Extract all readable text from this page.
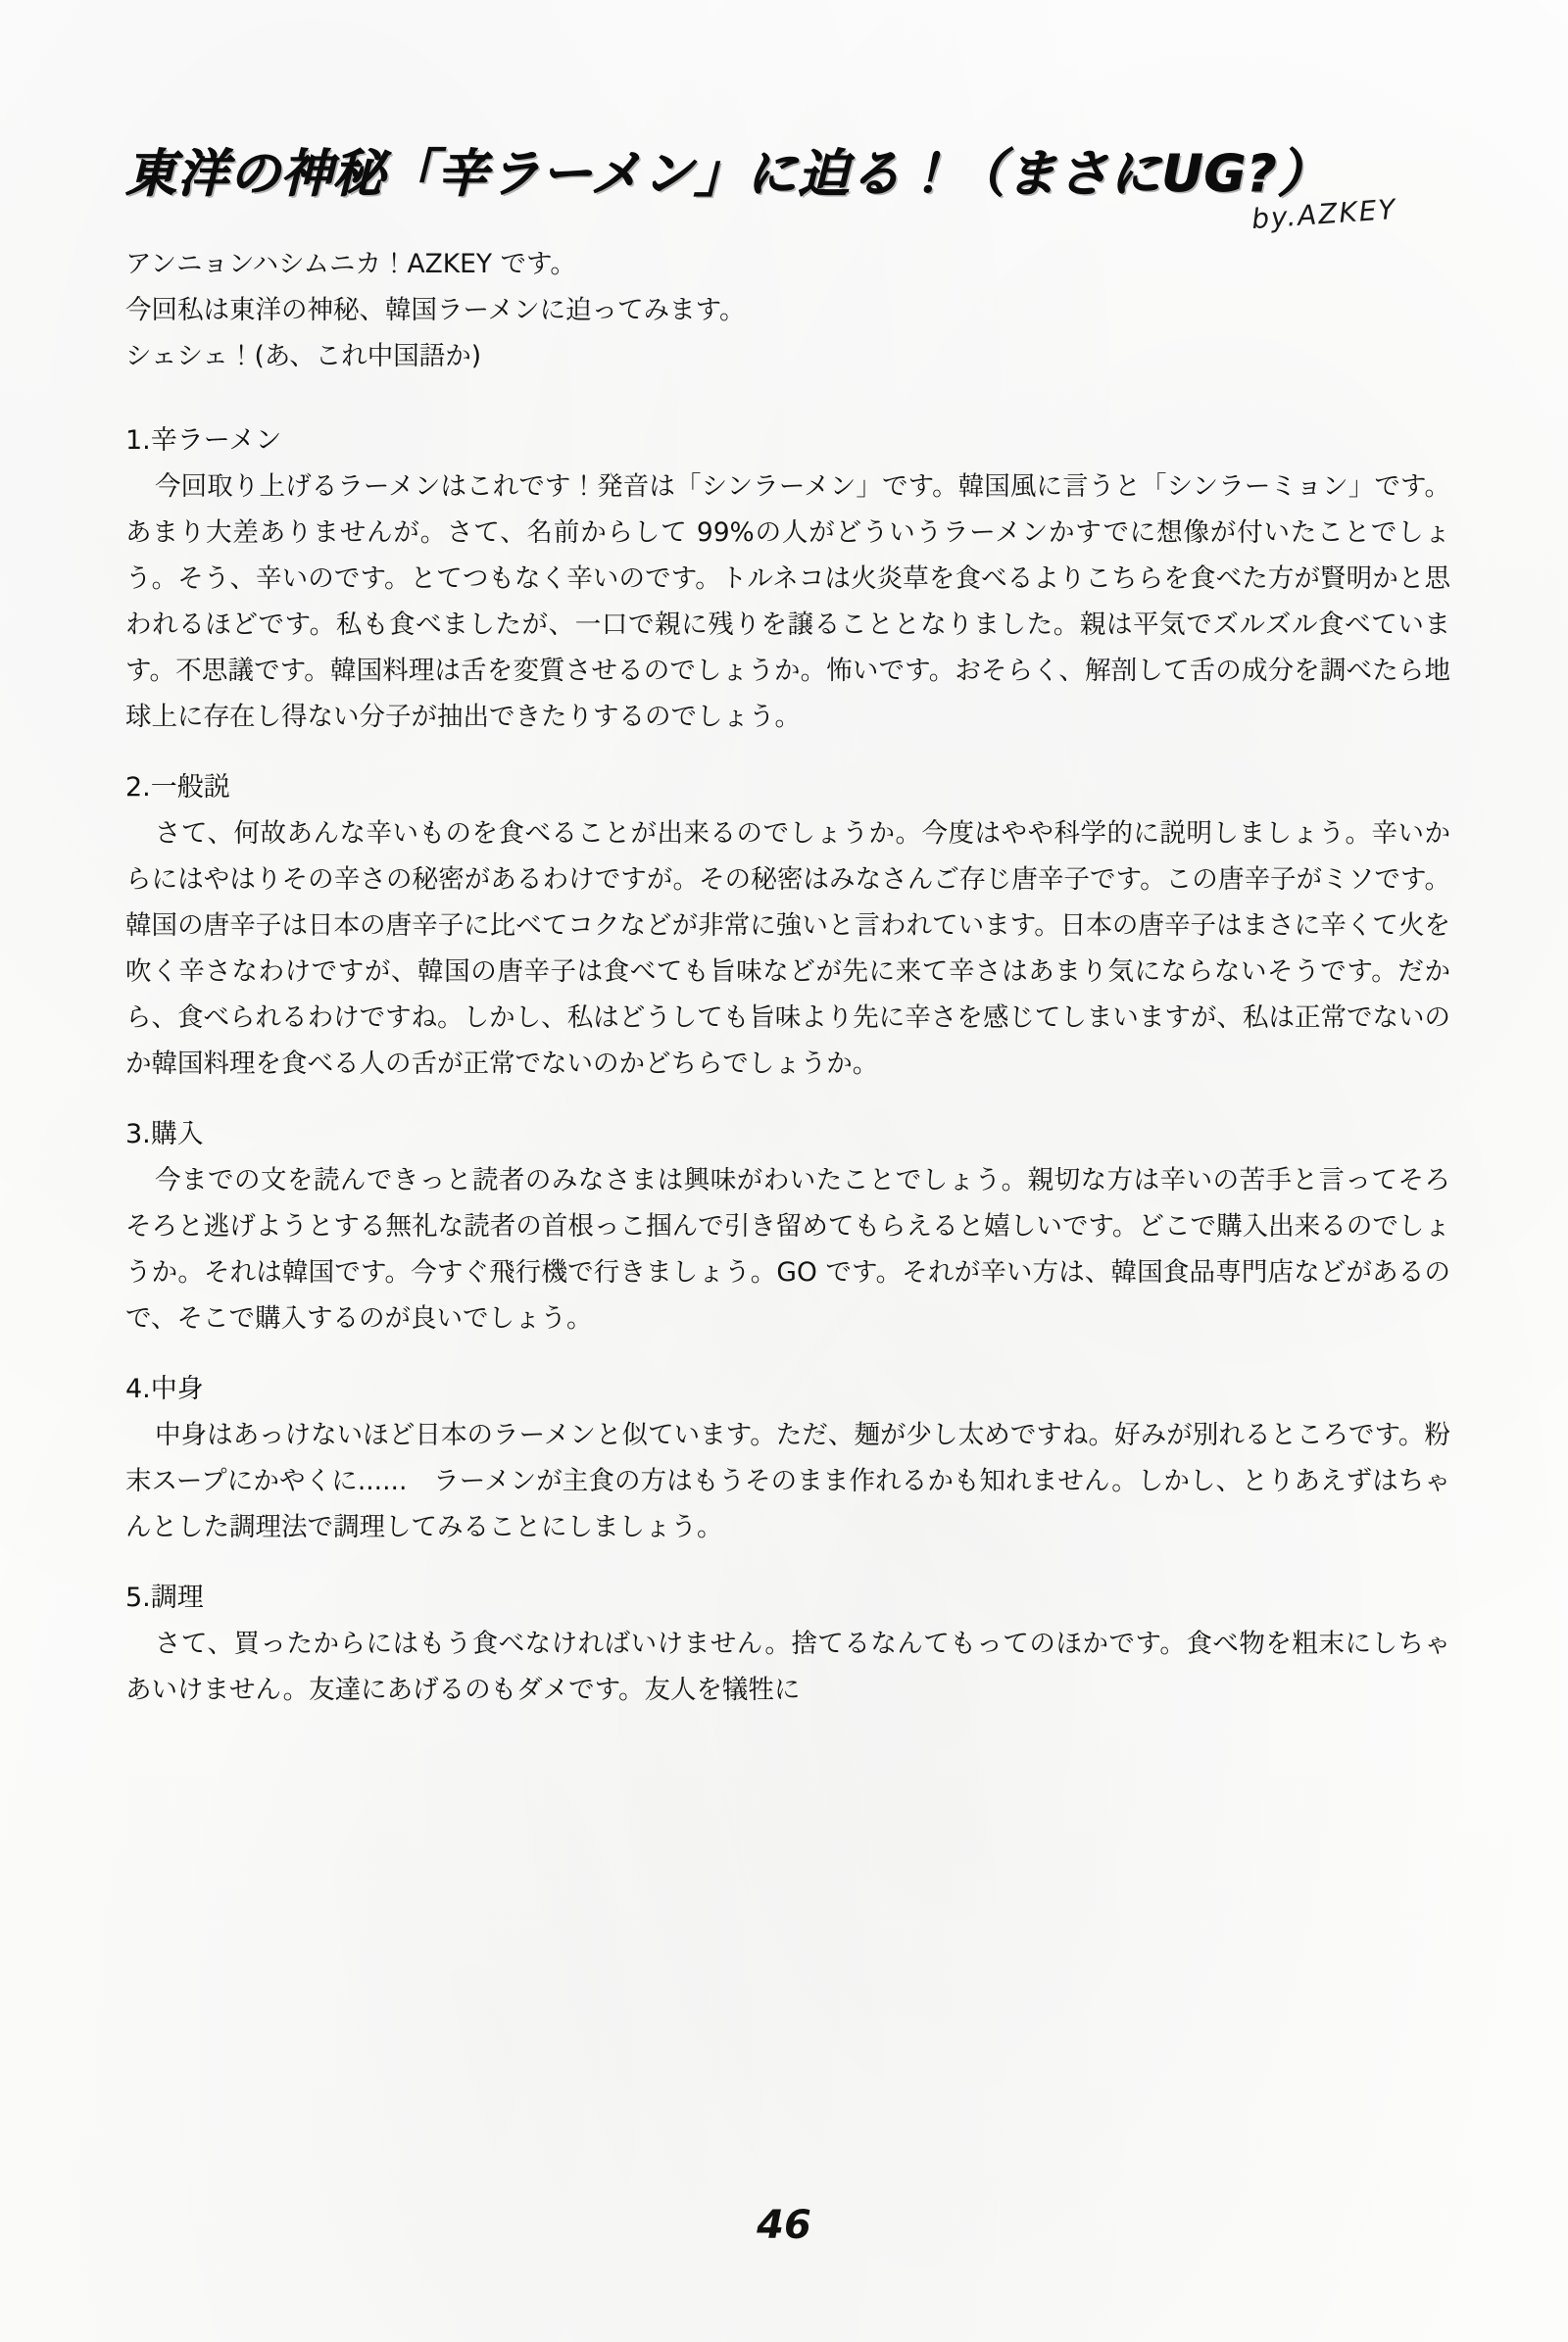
東洋の神秘「辛ラーメン」に迫る！（まさにUG?）
by.AZKEY

アンニョンハシムニカ！AZKEY です。

今回私は東洋の神秘、韓国ラーメンに迫ってみます。

シェシェ！(あ、これ中国語か)

1.辛ラーメン

今回取り上げるラーメンはこれです！発音は「シンラーメン」です。韓国風に言うと「シンラーミョン」です。あまり大差ありませんが。さて、名前からして 99%の人がどういうラーメンかすでに想像が付いたことでしょう。そう、辛いのです。とてつもなく辛いのです。トルネコは火炎草を食べるよりこちらを食べた方が賢明かと思われるほどです。私も食べましたが、一口で親に残りを譲ることとなりました。親は平気でズルズル食べています。不思議です。韓国料理は舌を変質させるのでしょうか。怖いです。おそらく、解剖して舌の成分を調べたら地球上に存在し得ない分子が抽出できたりするのでしょう。

2.一般説

さて、何故あんな辛いものを食べることが出来るのでしょうか。今度はやや科学的に説明しましょう。辛いからにはやはりその辛さの秘密があるわけですが。その秘密はみなさんご存じ唐辛子です。この唐辛子がミソです。韓国の唐辛子は日本の唐辛子に比べてコクなどが非常に強いと言われています。日本の唐辛子はまさに辛くて火を吹く辛さなわけですが、韓国の唐辛子は食べても旨味などが先に来て辛さはあまり気にならないそうです。だから、食べられるわけですね。しかし、私はどうしても旨味より先に辛さを感じてしまいますが、私は正常でないのか韓国料理を食べる人の舌が正常でないのかどちらでしょうか。

3.購入

今までの文を読んできっと読者のみなさまは興味がわいたことでしょう。親切な方は辛いの苦手と言ってそろそろと逃げようとする無礼な読者の首根っこ掴んで引き留めてもらえると嬉しいです。どこで購入出来るのでしょうか。それは韓国です。今すぐ飛行機で行きましょう。GO です。それが辛い方は、韓国食品専門店などがあるので、そこで購入するのが良いでしょう。

4.中身

中身はあっけないほど日本のラーメンと似ています。ただ、麺が少し太めですね。好みが別れるところです。粉末スープにかやくに......　ラーメンが主食の方はもうそのまま作れるかも知れません。しかし、とりあえずはちゃんとした調理法で調理してみることにしましょう。

5.調理

さて、買ったからにはもう食べなければいけません。捨てるなんてもってのほかです。食べ物を粗末にしちゃあいけません。友達にあげるのもダメです。友人を犠牲に

46
